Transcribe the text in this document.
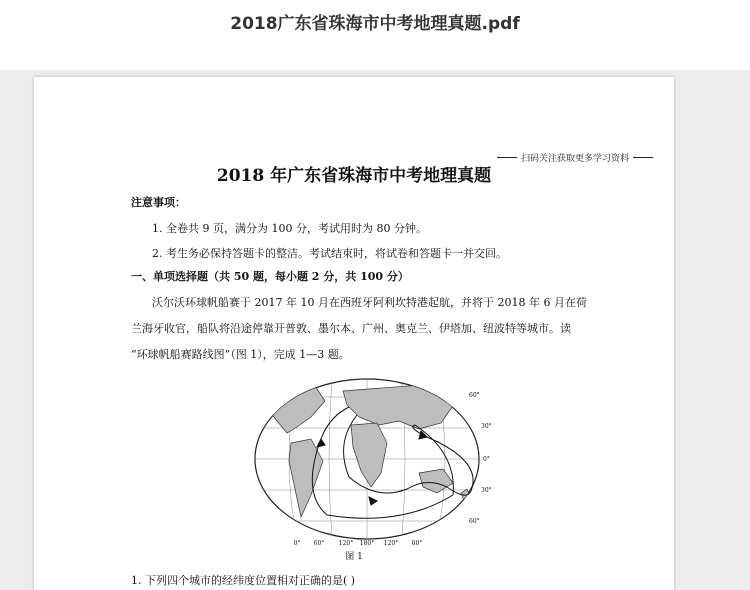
2018广东省珠海市中考地理真题.pdf
扫码关注获取更多学习资料
2018 年广东省珠海市中考地理真题
注意事项：
1. 全卷共 9 页，满分为 100 分，考试用时为 80 分钟。
2. 考生务必保持答题卡的整洁。考试结束时，将试卷和答题卡一并交回。
一、单项选择题（共 50 题，每小题 2 分，共 100 分）
沃尔沃环球帆船赛于 2017 年 10 月在西班牙阿利坎特港起航，并将于 2018 年 6 月在荷
兰海牙收官，船队将沿途停靠开普敦、墨尔本、广州、奥克兰、伊塔加、纽波特等城市。读
“环球帆船赛路线图”（图 1），完成 1—3 题。
0° 60° 120° 180° 120° 60°
60°
30°
0°
30°
60°
图 1
1. 下列四个城市的经纬度位置相对正确的是( )
